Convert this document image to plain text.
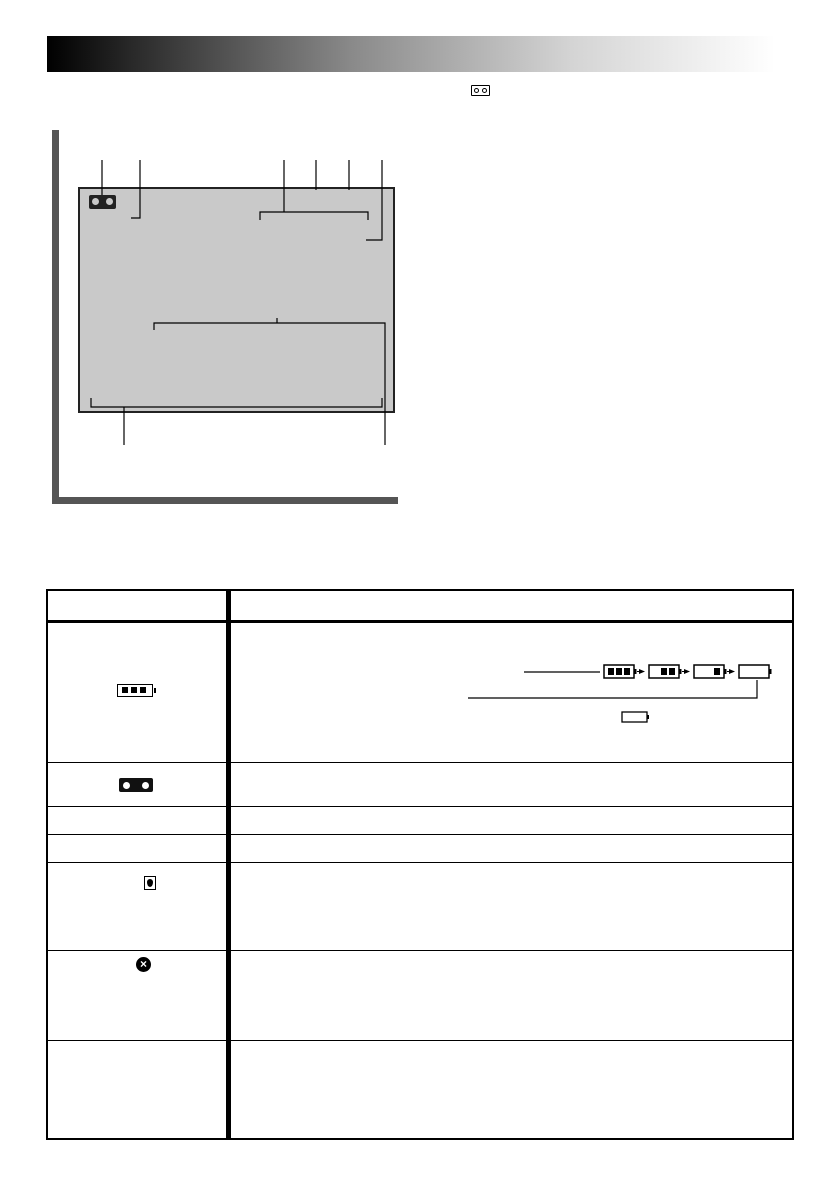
×
